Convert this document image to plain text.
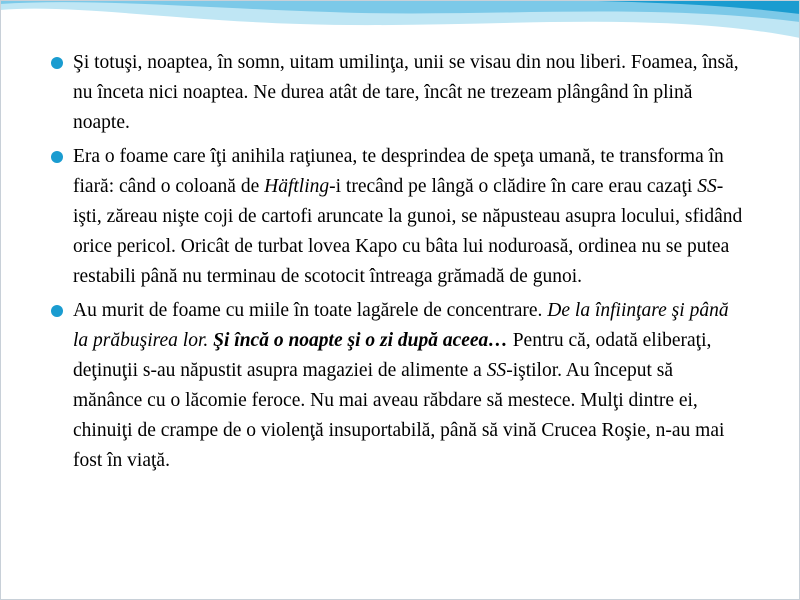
Şi totuşi, noaptea, în somn, uitam umilinţa, unii se visau din nou liberi. Foamea, însă, nu înceta nici noaptea. Ne durea atât de tare, încât ne trezeam plângând în plină noapte.
Era o foame care îţi anihila raţiunea, te desprindea de speţa umană, te transforma în fiară: când o coloană de Häftling-i trecând pe lângă o clădire în care erau cazaţi SS-işti, zăreau nişte coji de cartofi aruncate la gunoi, se năpusteau asupra locului, sfidând orice pericol. Oricât de turbat lovea Kapo cu bâta lui noduroasă, ordinea nu se putea restabili până nu terminau de scotocit întreaga grămadă de gunoi.
Au murit de foame cu miile în toate lagărele de concentrare. De la înfiinţare şi până la prăbuşirea lor. Şi încă o noapte şi o zi după aceea… Pentru că, odată eliberaţi, deţinuţii s-au năpustit asupra magaziei de alimente a SS-iştilor. Au început să mănânce cu o lăcomie feroce. Nu mai aveau răbdare să mestece. Mulţi dintre ei, chinuiţi de crampe de o violenţă insuportabilă, până să vină Crucea Roşie, n-au mai fost în viaţă.
